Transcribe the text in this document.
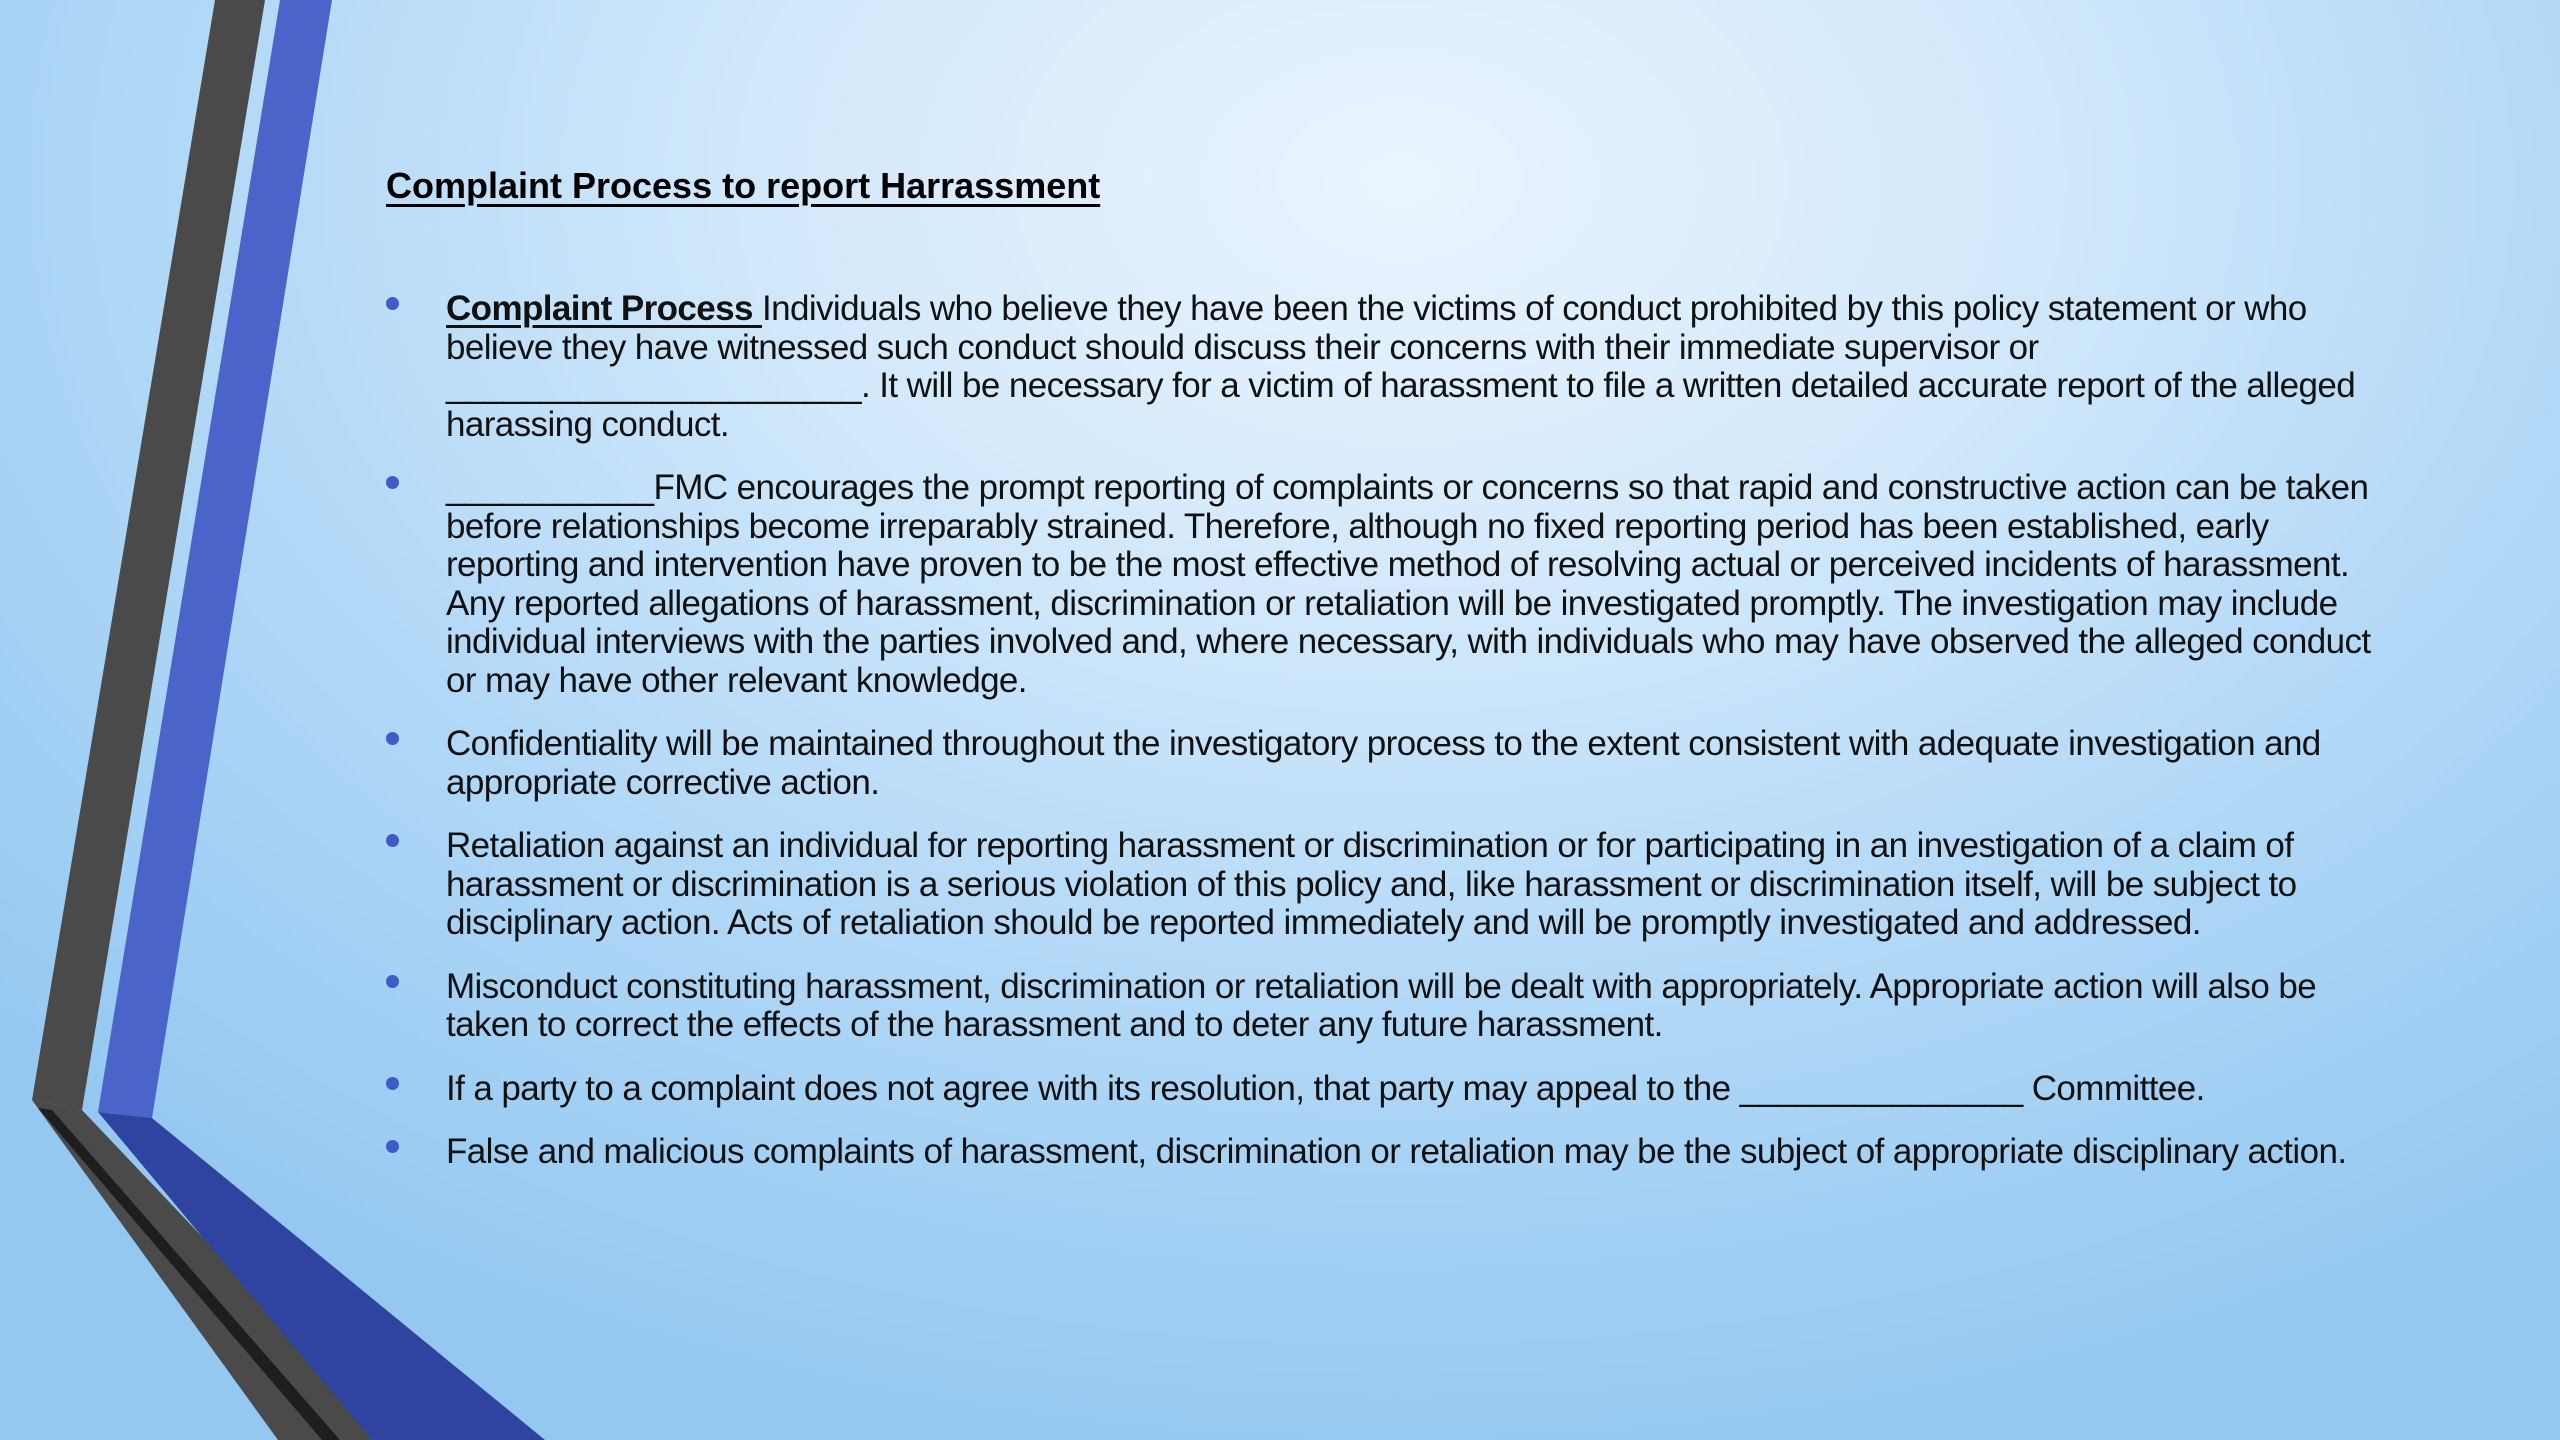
Complaint Process to report Harrassment
Complaint Process Individuals who believe they have been the victims of conduct prohibited by this policy statement or who believe they have witnessed such conduct should discuss their concerns with their immediate supervisor or ______________________. It will be necessary for a victim of harassment to file a written detailed accurate report of the alleged harassing conduct.
___________FMC encourages the prompt reporting of complaints or concerns so that rapid and constructive action can be taken before relationships become irreparably strained. Therefore, although no fixed reporting period has been established, early reporting and intervention have proven to be the most effective method of resolving actual or perceived incidents of harassment. Any reported allegations of harassment, discrimination or retaliation will be investigated promptly. The investigation may include individual interviews with the parties involved and, where necessary, with individuals who may have observed the alleged conduct or may have other relevant knowledge.
Confidentiality will be maintained throughout the investigatory process to the extent consistent with adequate investigation and appropriate corrective action.
Retaliation against an individual for reporting harassment or discrimination or for participating in an investigation of a claim of harassment or discrimination is a serious violation of this policy and, like harassment or discrimination itself, will be subject to disciplinary action. Acts of retaliation should be reported immediately and will be promptly investigated and addressed.
Misconduct constituting harassment, discrimination or retaliation will be dealt with appropriately. Appropriate action will also be taken to correct the effects of the harassment and to deter any future harassment.
If a party to a complaint does not agree with its resolution, that party may appeal to the _______________ Committee.
False and malicious complaints of harassment, discrimination or retaliation may be the subject of appropriate disciplinary action.
